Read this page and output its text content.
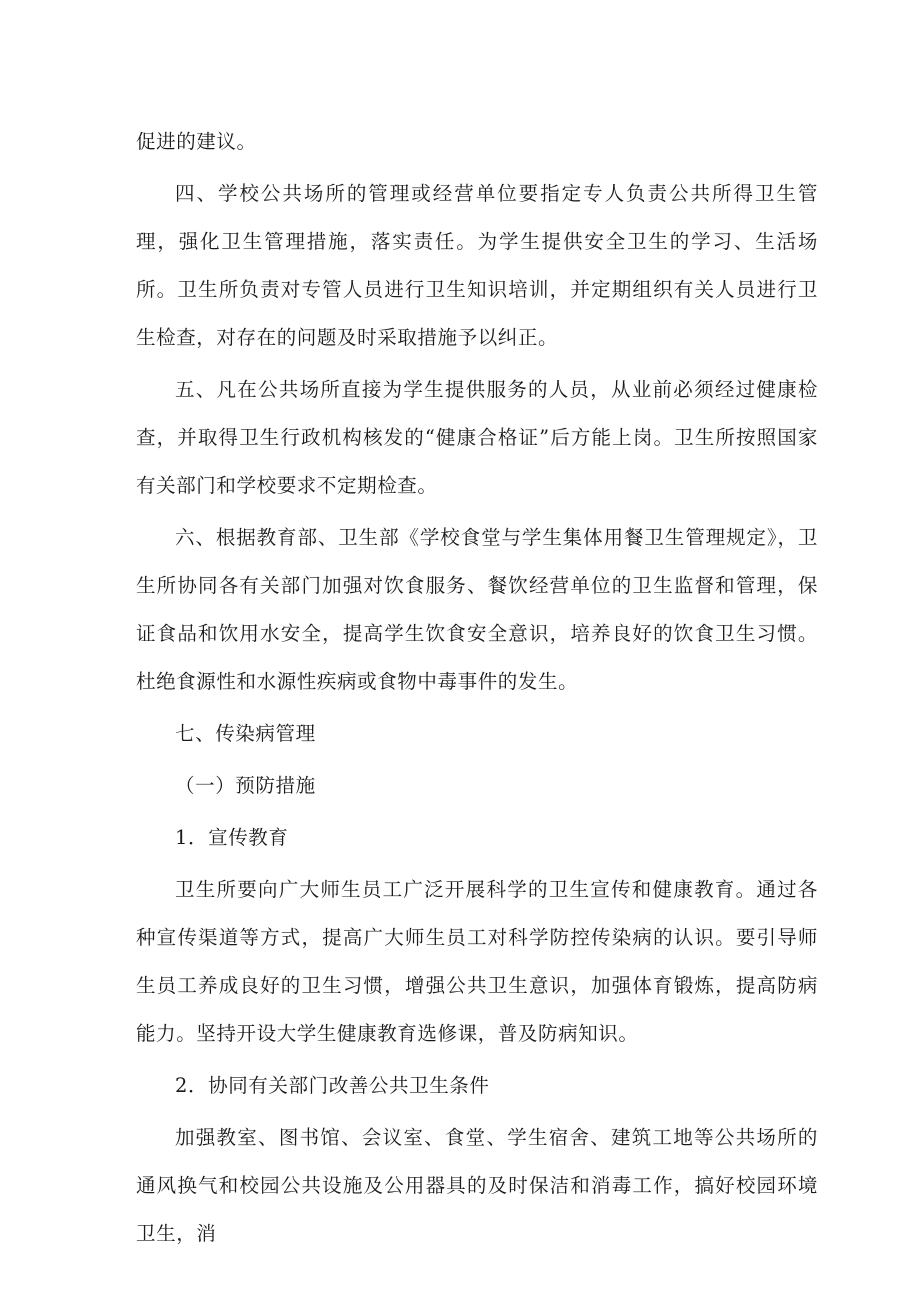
促进的建议。

四、学校公共场所的管理或经营单位要指定专人负责公共所得卫生管理，强化卫生管理措施，落实责任。为学生提供安全卫生的学习、生活场所。卫生所负责对专管人员进行卫生知识培训，并定期组织有关人员进行卫生检查，对存在的问题及时采取措施予以纠正。

五、凡在公共场所直接为学生提供服务的人员，从业前必须经过健康检查，并取得卫生行政机构核发的“健康合格证”后方能上岗。卫生所按照国家有关部门和学校要求不定期检查。

六、根据教育部、卫生部《学校食堂与学生集体用餐卫生管理规定》，卫生所协同各有关部门加强对饮食服务、餐饮经营单位的卫生监督和管理，保证食品和饮用水安全，提高学生饮食安全意识，培养良好的饮食卫生习惯。杜绝食源性和水源性疾病或食物中毒事件的发生。

七、传染病管理

（一）预防措施

1．宣传教育

卫生所要向广大师生员工广泛开展科学的卫生宣传和健康教育。通过各种宣传渠道等方式，提高广大师生员工对科学防控传染病的认识。要引导师生员工养成良好的卫生习惯，增强公共卫生意识，加强体育锻炼，提高防病能力。坚持开设大学生健康教育选修课，普及防病知识。

2．协同有关部门改善公共卫生条件

加强教室、图书馆、会议室、食堂、学生宿舍、建筑工地等公共场所的通风换气和校园公共设施及公用器具的及时保洁和消毒工作，搞好校园环境卫生，消
